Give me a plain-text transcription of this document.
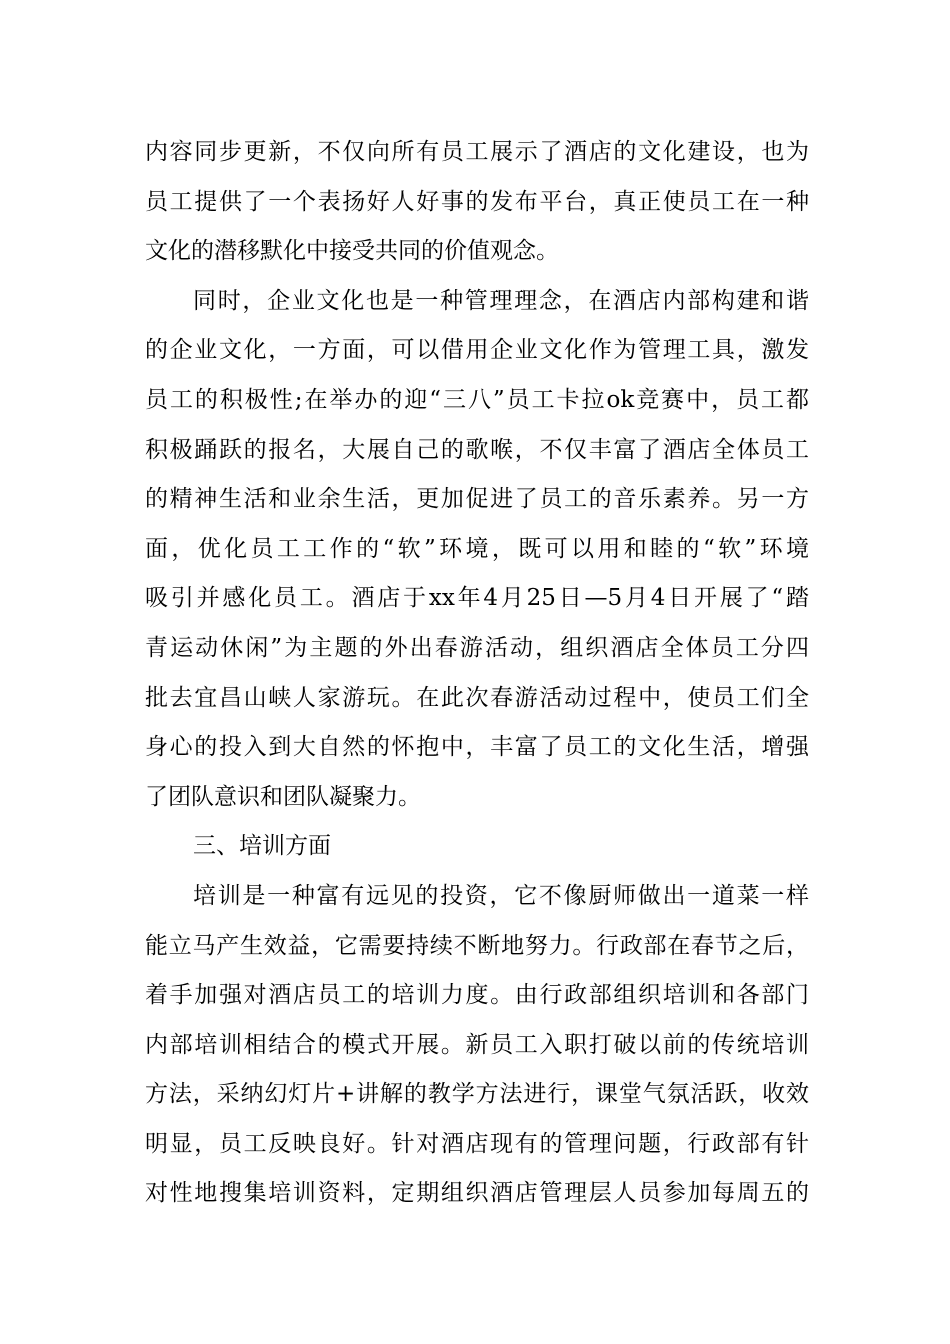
内容同步更新，不仅向所有员工展示了酒店的文化建设，也为
员工提供了一个表扬好人好事的发布平台，真正使员工在一种
文化的潜移默化中接受共同的价值观念。
同时，企业文化也是一种管理理念，在酒店内部构建和谐
的企业文化，一方面，可以借用企业文化作为管理工具，激发
员工的积极性;在举办的迎“三八”员工卡拉ok竞赛中，员工都
积极踊跃的报名，大展自己的歌喉，不仅丰富了酒店全体员工
的精神生活和业余生活，更加促进了员工的音乐素养。另一方
面，优化员工工作的“软”环境，既可以用和睦的“软”环境
吸引并感化员工。酒店于xx年4月25日—5月4日开展了“踏
青运动休闲”为主题的外出春游活动，组织酒店全体员工分四
批去宜昌山峡人家游玩。在此次春游活动过程中，使员工们全
身心的投入到大自然的怀抱中，丰富了员工的文化生活，增强
了团队意识和团队凝聚力。
三、培训方面
培训是一种富有远见的投资，它不像厨师做出一道菜一样
能立马产生效益，它需要持续不断地努力。行政部在春节之后，
着手加强对酒店员工的培训力度。由行政部组织培训和各部门
内部培训相结合的模式开展。新员工入职打破以前的传统培训
方法，采纳幻灯片+讲解的教学方法进行，课堂气氛活跃，收效
明显，员工反映良好。针对酒店现有的管理问题，行政部有针
对性地搜集培训资料，定期组织酒店管理层人员参加每周五的
